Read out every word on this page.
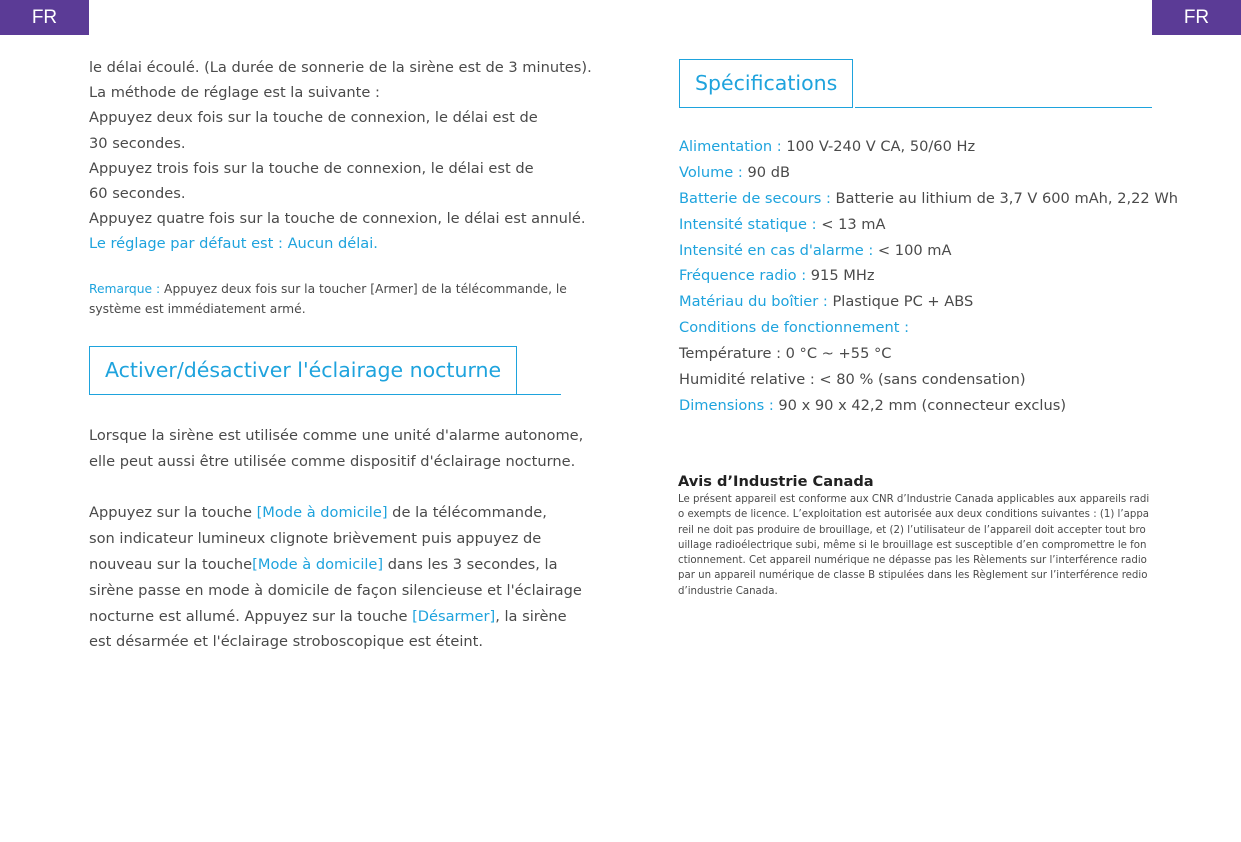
FR	FR
le délai écoulé. (La durée de sonnerie de la sirène est de 3 minutes).
La méthode de réglage est la suivante :
Appuyez deux fois sur la touche de connexion, le délai est de
30 secondes.
Appuyez trois fois sur la touche de connexion, le délai est de
60 secondes.
Appuyez quatre fois sur la touche de connexion, le délai est annulé.
Le réglage par défaut est : Aucun délai.
Remarque : Appuyez deux fois sur la toucher [Armer] de la télécommande, le système est immédiatement armé.
Activer/désactiver l'éclairage nocturne
Lorsque la sirène est utilisée comme une unité d'alarme autonome,
elle peut aussi être utilisée comme dispositif d'éclairage nocturne.
Appuyez sur la touche [Mode à domicile] de la télécommande,
son indicateur lumineux clignote brièvement puis appuyez de
nouveau sur la touche[Mode à domicile] dans les 3 secondes, la
sirène passe en mode à domicile de façon silencieuse et l'éclairage
nocturne est allumé. Appuyez sur la touche [Désarmer], la sirène
est désarmée et l'éclairage stroboscopique est éteint.
Spécifications
Alimentation : 100 V-240 V CA, 50/60 Hz
Volume : 90 dB
Batterie de secours : Batterie au lithium de 3,7 V 600 mAh, 2,22 Wh
Intensité statique : < 13 mA
Intensité en cas d'alarme : < 100 mA
Fréquence radio : 915 MHz
Matériau du boîtier : Plastique PC + ABS
Conditions de fonctionnement :
Température : 0 °C ~ +55 °C
Humidité relative : < 80 % (sans condensation)
Dimensions : 90 x 90 x 42,2 mm (connecteur exclus)
Avis d’Industrie Canada
Le présent appareil est conforme aux CNR d’Industrie Canada applicables aux appareils radio exempts de licence. L’exploitation est autorisée aux deux conditions suivantes : (1) l’appareil ne doit pas produire de brouillage, et (2) l’utilisateur de l’appareil doit accepter tout brouillage radioélectrique subi, même si le brouillage est susceptible d’en compromettre le fonctionnement. Cet appareil numérique ne dépasse pas les Rèlements sur l’interférence radio par un appareil numérique de classe B stipulées dans les Règlement sur l’interférence redio d’industrie Canada.
